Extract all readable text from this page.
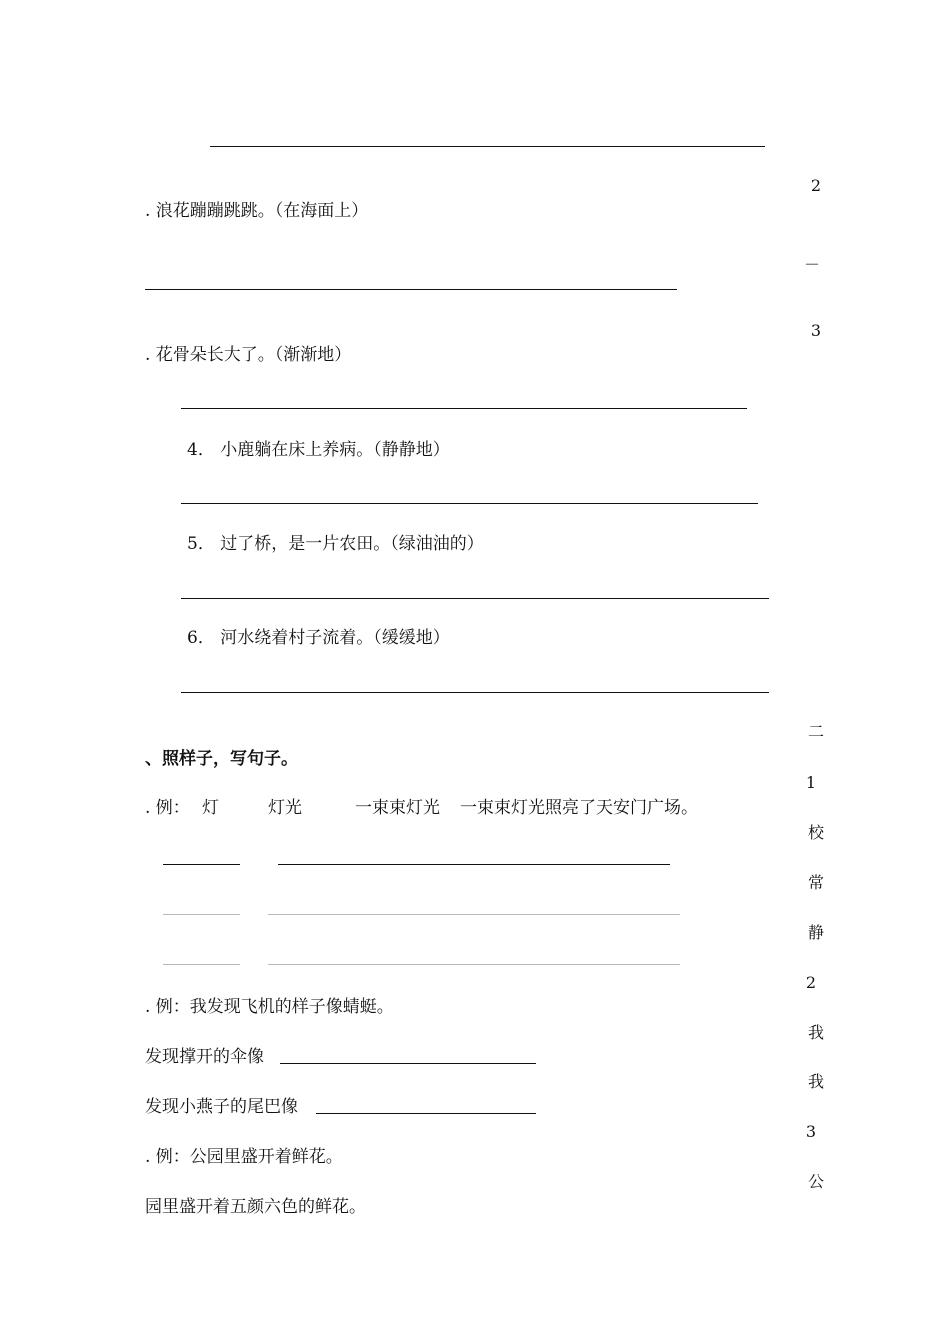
. 浪花蹦蹦跳跳。（在海面上）
. 花骨朵长大了。（渐渐地）
4． 小鹿躺在床上养病。（静静地）
5． 过了桥，是一片农田。（绿油油的）
6． 河水绕着村子流着。（缓缓地）
、照样子，写句子。
. 例： 灯	灯光	一束束灯光 一束束灯光照亮了天安门广场。
. 例：我发现飞机的样子像蜻蜓。
发现撑开的伞像
发现小燕子的尾巴像
. 例：公园里盛开着鲜花。
园里盛开着五颜六色的鲜花。
2
－
3
二
1
校
常
静
2
我
我
3
公
